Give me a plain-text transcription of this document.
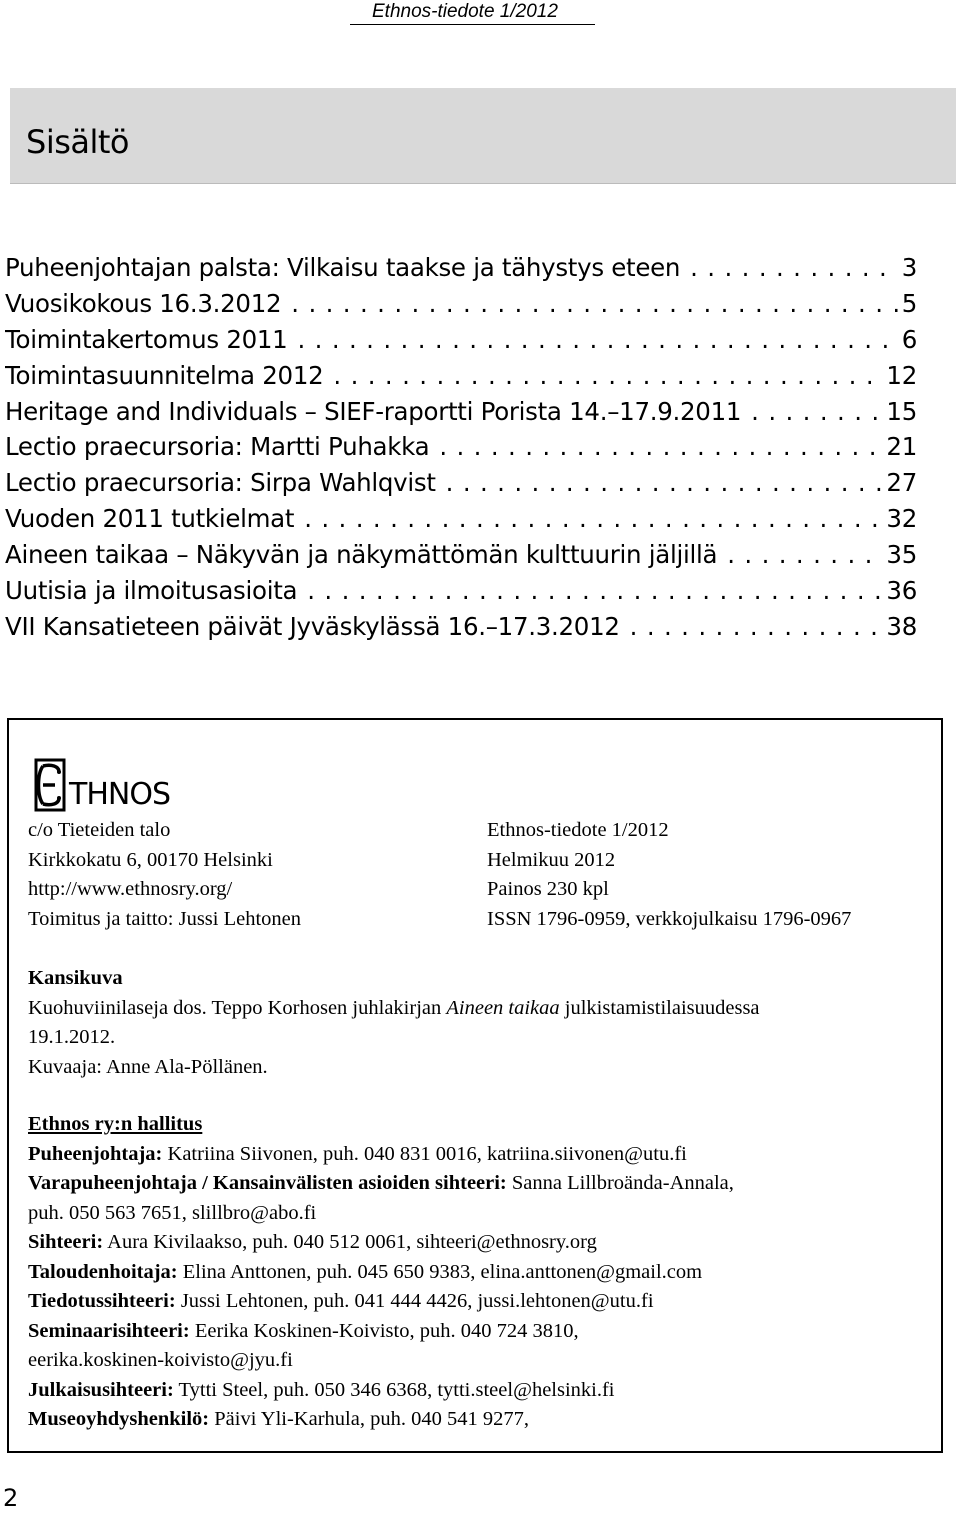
Ethnos-tiedote 1/2012
Sisältö
Puheenjohtajan palsta: Vilkaisu taakse ja tähystys eteen . . .	3
Vuosikokous 16.3.2012 . . .	5
Toimintakertomus 2011 . . .	6
Toimintasuunnitelma 2012 . . .	12
Heritage and Individuals – SIEF-raportti Porista 14.–17.9.2011 . . .	15
Lectio praecursoria: Martti Puhakka . . .	21
Lectio praecursoria: Sirpa Wahlqvist . . .	27
Vuoden 2011 tutkielmat . . .	32
Aineen taikaa – Näkyvän ja näkymättömän kulttuurin jäljillä . . .	35
Uutisia ja ilmoitusasioita . . .	36
VII Kansatieteen päivät Jyväskylässä 16.–17.3.2012 . . .	38
THNOS
c/o Tieteiden talo	Ethnos-tiedote 1/2012
Kirkkokatu 6, 00170 Helsinki	Helmikuu 2012
http://www.ethnosry.org/	Painos 230 kpl
Toimitus ja taitto: Jussi Lehtonen	ISSN 1796-0959, verkkojulkaisu 1796-0967
Kansikuva
Kuohuviinilaseja dos. Teppo Korhosen juhlakirjan Aineen taikaa julkistamistilaisuudessa
19.1.2012.
Kuvaaja: Anne Ala-Pöllänen.
Ethnos ry:n hallitus
Puheenjohtaja: Katriina Siivonen, puh. 040 831 0016, katriina.siivonen@utu.fi
Varapuheenjohtaja / Kansainvälisten asioiden sihteeri: Sanna Lillbroända-Annala,
puh. 050 563 7651, slillbro@abo.fi
Sihteeri: Aura Kivilaakso, puh. 040 512 0061, sihteeri@ethnosry.org
Taloudenhoitaja: Elina Anttonen, puh. 045 650 9383, elina.anttonen@gmail.com
Tiedotussihteeri: Jussi Lehtonen, puh. 041 444 4426, jussi.lehtonen@utu.fi
Seminaarisihteeri: Eerika Koskinen-Koivisto, puh. 040 724 3810,
eerika.koskinen-koivisto@jyu.fi
Julkaisusihteeri: Tytti Steel, puh. 050 346 6368, tytti.steel@helsinki.fi
Museoyhdyshenkilö: Päivi Yli-Karhula, puh. 040 541 9277,
2
